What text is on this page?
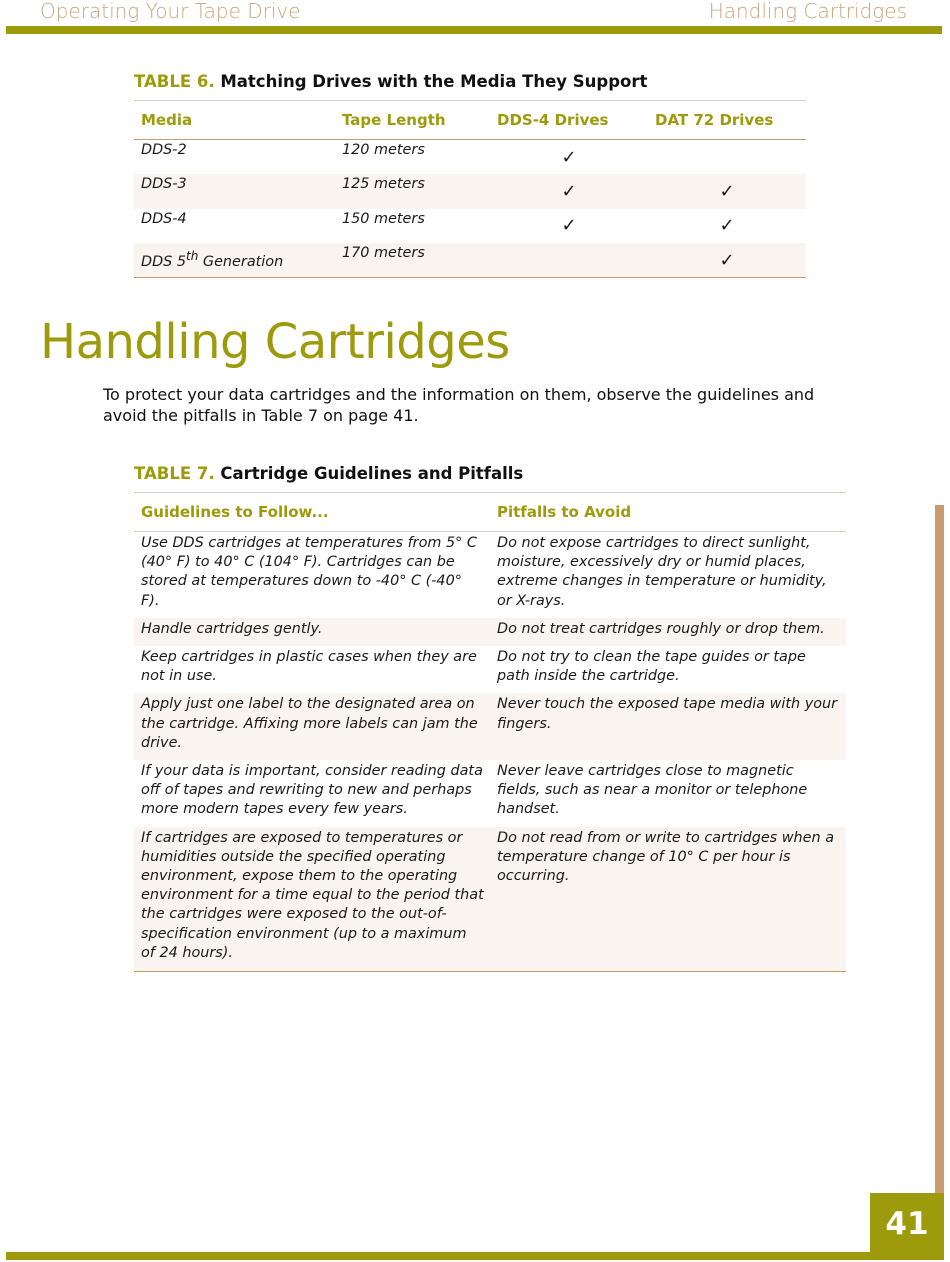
Operating Your Tape Drive	Handling Cartridges
TABLE 6. Matching Drives with the Media They Support
Media	Tape Length	DDS-4 Drives	DAT 72 Drives
DDS-2	120 meters	✓	
DDS-3	125 meters	✓	✓
DDS-4	150 meters	✓	✓
DDS 5th Generation	170 meters		✓
Handling Cartridges

To protect your data cartridges and the information on them, observe the guidelines and avoid the pitfalls in Table 7 on page 41.

TABLE 7. Cartridge Guidelines and Pitfalls
Guidelines to Follow...	Pitfalls to Avoid
Use DDS cartridges at temperatures from 5° C (40° F) to 40° C (104° F). Cartridges can be stored at temperatures down to -40° C (-40° F).	Do not expose cartridges to direct sunlight, moisture, excessively dry or humid places, extreme changes in temperature or humidity, or X-rays.
Handle cartridges gently.	Do not treat cartridges roughly or drop them.
Keep cartridges in plastic cases when they are not in use.	Do not try to clean the tape guides or tape path inside the cartridge.
Apply just one label to the designated area on the cartridge. Affixing more labels can jam the drive.	Never touch the exposed tape media with your fingers.
If your data is important, consider reading data off of tapes and rewriting to new and perhaps more modern tapes every few years.	Never leave cartridges close to magnetic fields, such as near a monitor or telephone handset.
If cartridges are exposed to temperatures or humidities outside the specified operating environment, expose them to the operating environment for a time equal to the period that the cartridges were exposed to the out-of-specification environment (up to a maximum of 24 hours).	Do not read from or write to cartridges when a temperature change of 10° C per hour is occurring.
41
